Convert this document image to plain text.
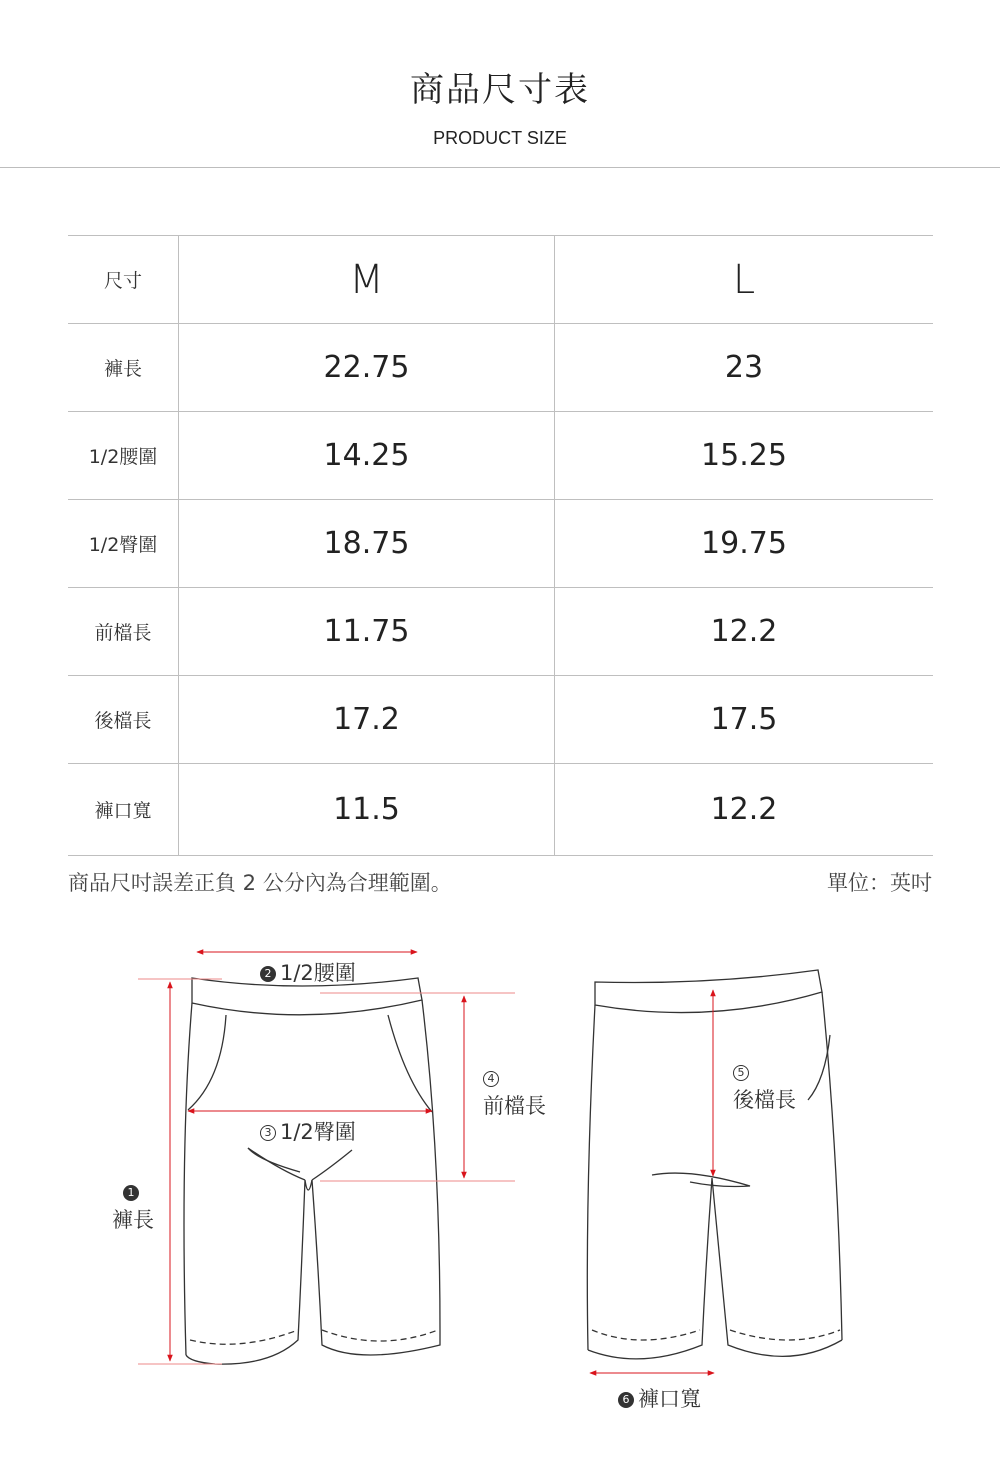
商品尺寸表
PRODUCT SIZE
尺寸	M	L
褲長	22.75	23
1/2腰圍	14.25	15.25
1/2臀圍	18.75	19.75
前檔長	11.75	12.2
後檔長	17.2	17.5
褲口寬	11.5	12.2
商品尺吋誤差正負 2 公分內為合理範圍。	單位：英吋
1
褲長
2 1/2腰圍
3 1/2臀圍
4
前檔長
5
後檔長
6 褲口寬
